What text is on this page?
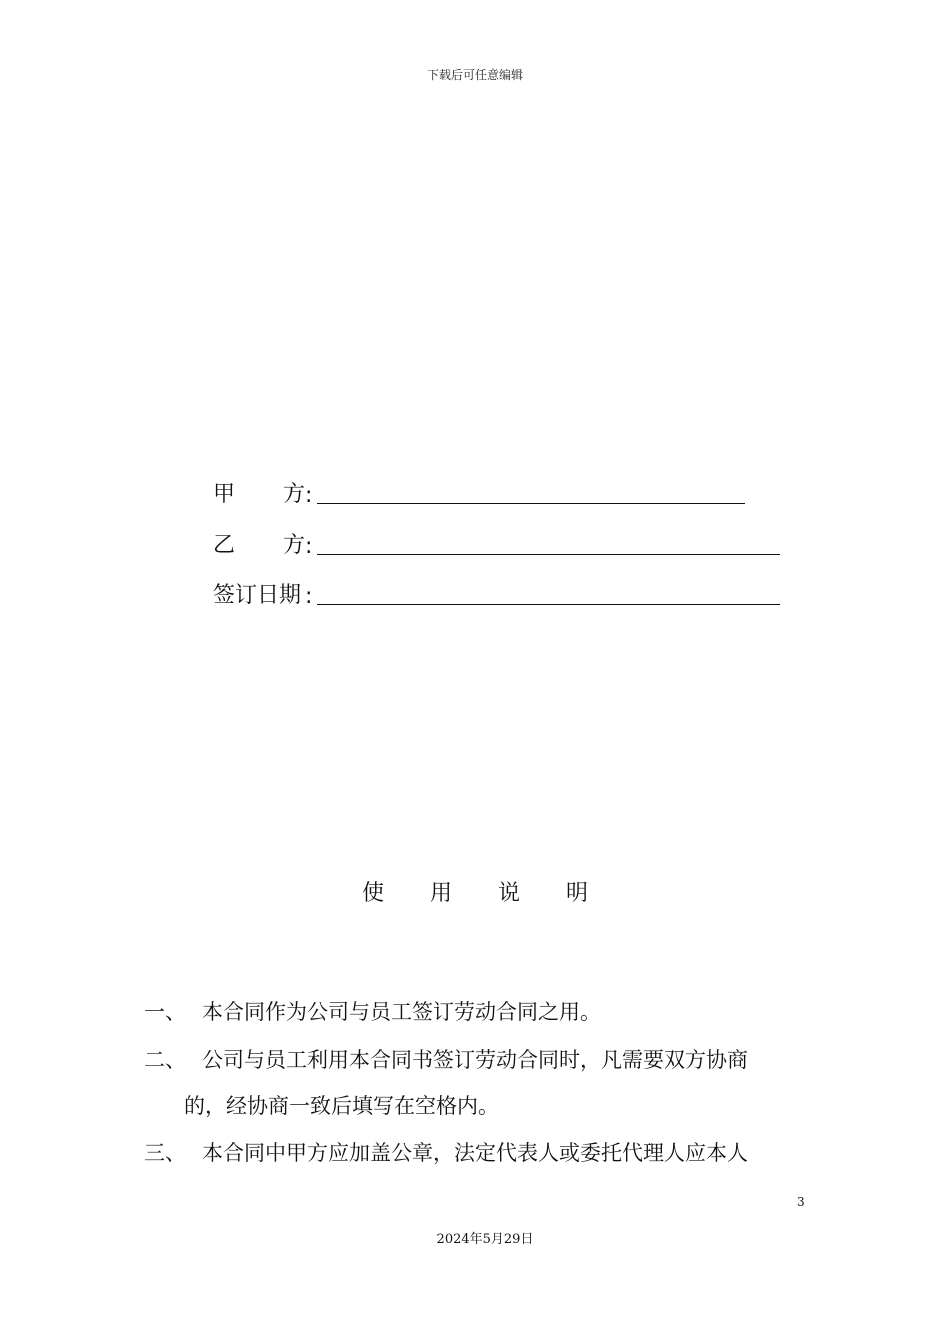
下载后可任意编辑
甲 方 :
乙 方 :
签订日期 :
使用说明
一、 本合同作为公司与员工签订劳动合同之用。
二、 公司与员工利用本合同书签订劳动合同时，凡需要双方协商
的，经协商一致后填写在空格内。
三、 本合同中甲方应加盖公章，法定代表人或委托代理人应本人
3
2024年5月29日
